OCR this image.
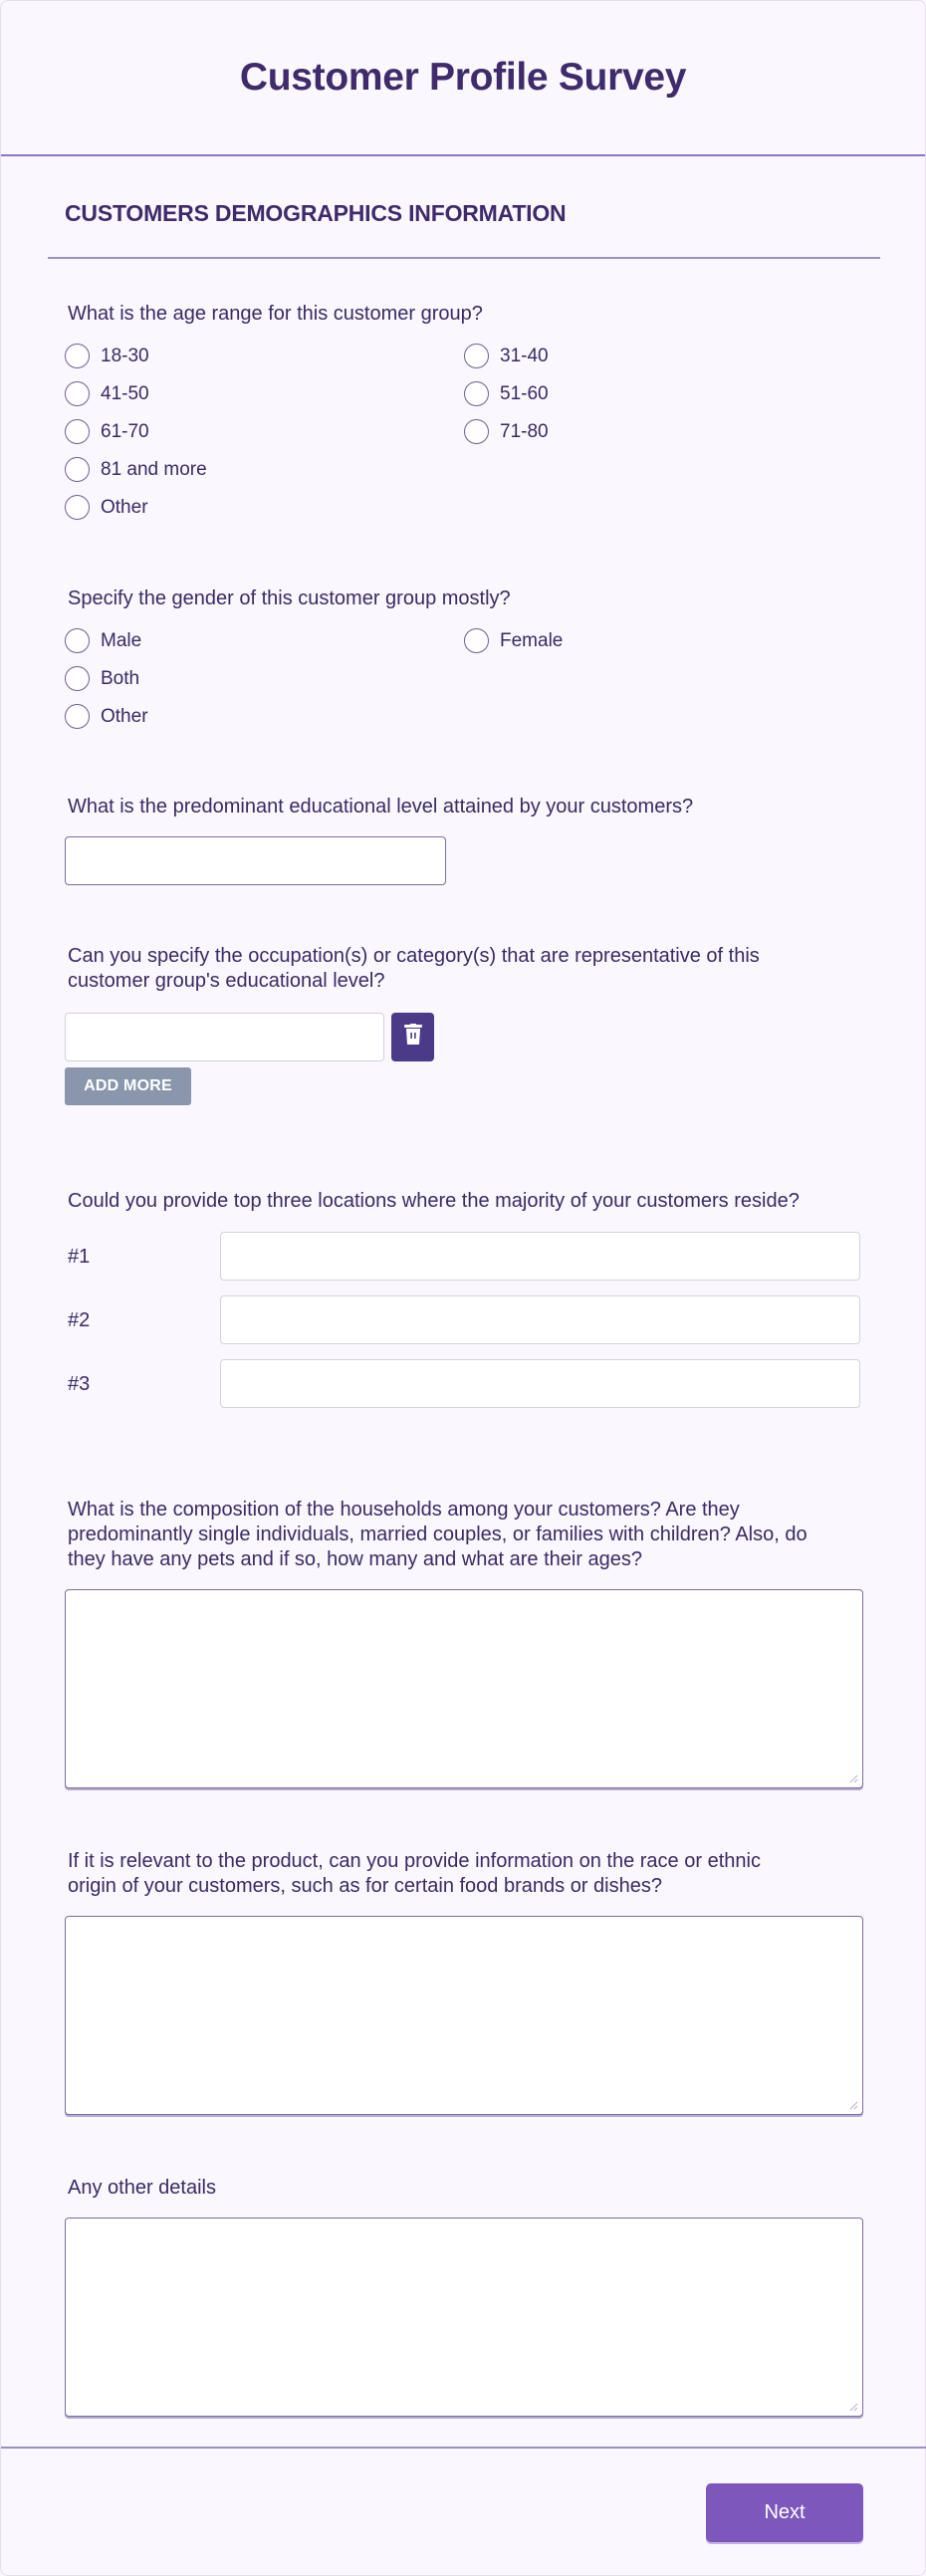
Customer Profile Survey
CUSTOMERS DEMOGRAPHICS INFORMATION
What is the age range for this customer group?
18-30	31-40
41-50	51-60
61-70	71-80
81 and more
Other
Specify the gender of this customer group mostly?
Male	Female
Both
Other
What is the predominant educational level attained by your customers?
Can you specify the occupation(s) or category(s) that are representative of this
customer group's educational level?
ADD MORE
Could you provide top three locations where the majority of your customers reside?
#1
#2
#3
What is the composition of the households among your customers? Are they
predominantly single individuals, married couples, or families with children? Also, do
they have any pets and if so, how many and what are their ages?
If it is relevant to the product, can you provide information on the race or ethnic
origin of your customers, such as for certain food brands or dishes?
Any other details
Next
